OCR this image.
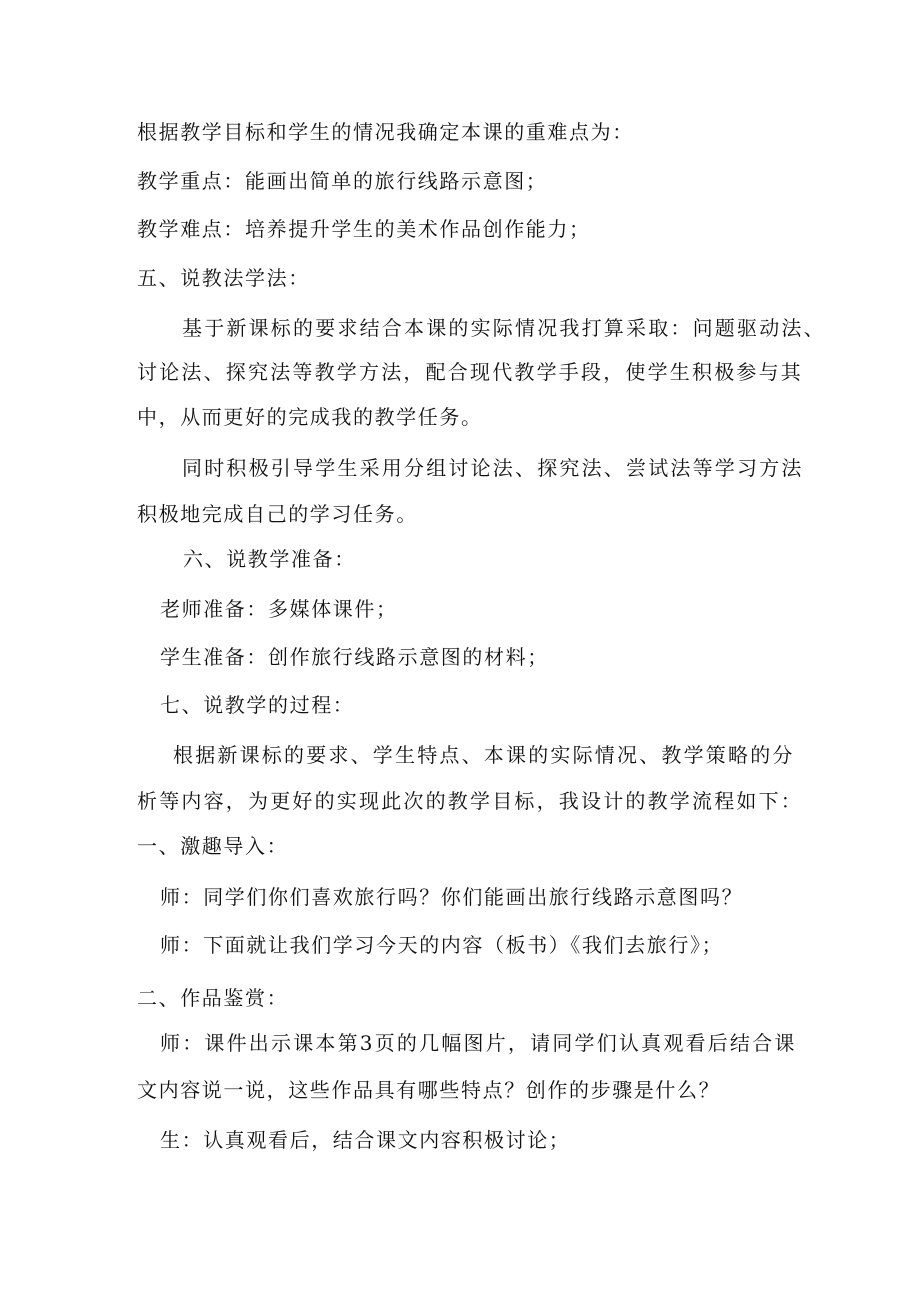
根据教学目标和学生的情况我确定本课的重难点为：
教学重点：能画出简单的旅行线路示意图；
教学难点：培养提升学生的美术作品创作能力；
五、说教法学法：
基于新课标的要求结合本课的实际情况我打算采取：问题驱动法、
讨论法、探究法等教学方法，配合现代教学手段，使学生积极参与其
中，从而更好的完成我的教学任务。
同时积极引导学生采用分组讨论法、探究法、尝试法等学习方法
积极地完成自己的学习任务。
六、说教学准备：
老师准备：多媒体课件；
学生准备：创作旅行线路示意图的材料；
七、说教学的过程：
根据新课标的要求、学生特点、本课的实际情况、教学策略的分
析等内容，为更好的实现此次的教学目标，我设计的教学流程如下：
一、激趣导入：
师：同学们你们喜欢旅行吗？你们能画出旅行线路示意图吗？
师：下面就让我们学习今天的内容（板书）《我们去旅行》；
二、作品鉴赏：
师：课件出示课本第3页的几幅图片，请同学们认真观看后结合课
文内容说一说，这些作品具有哪些特点？创作的步骤是什么？
生：认真观看后，结合课文内容积极讨论；
